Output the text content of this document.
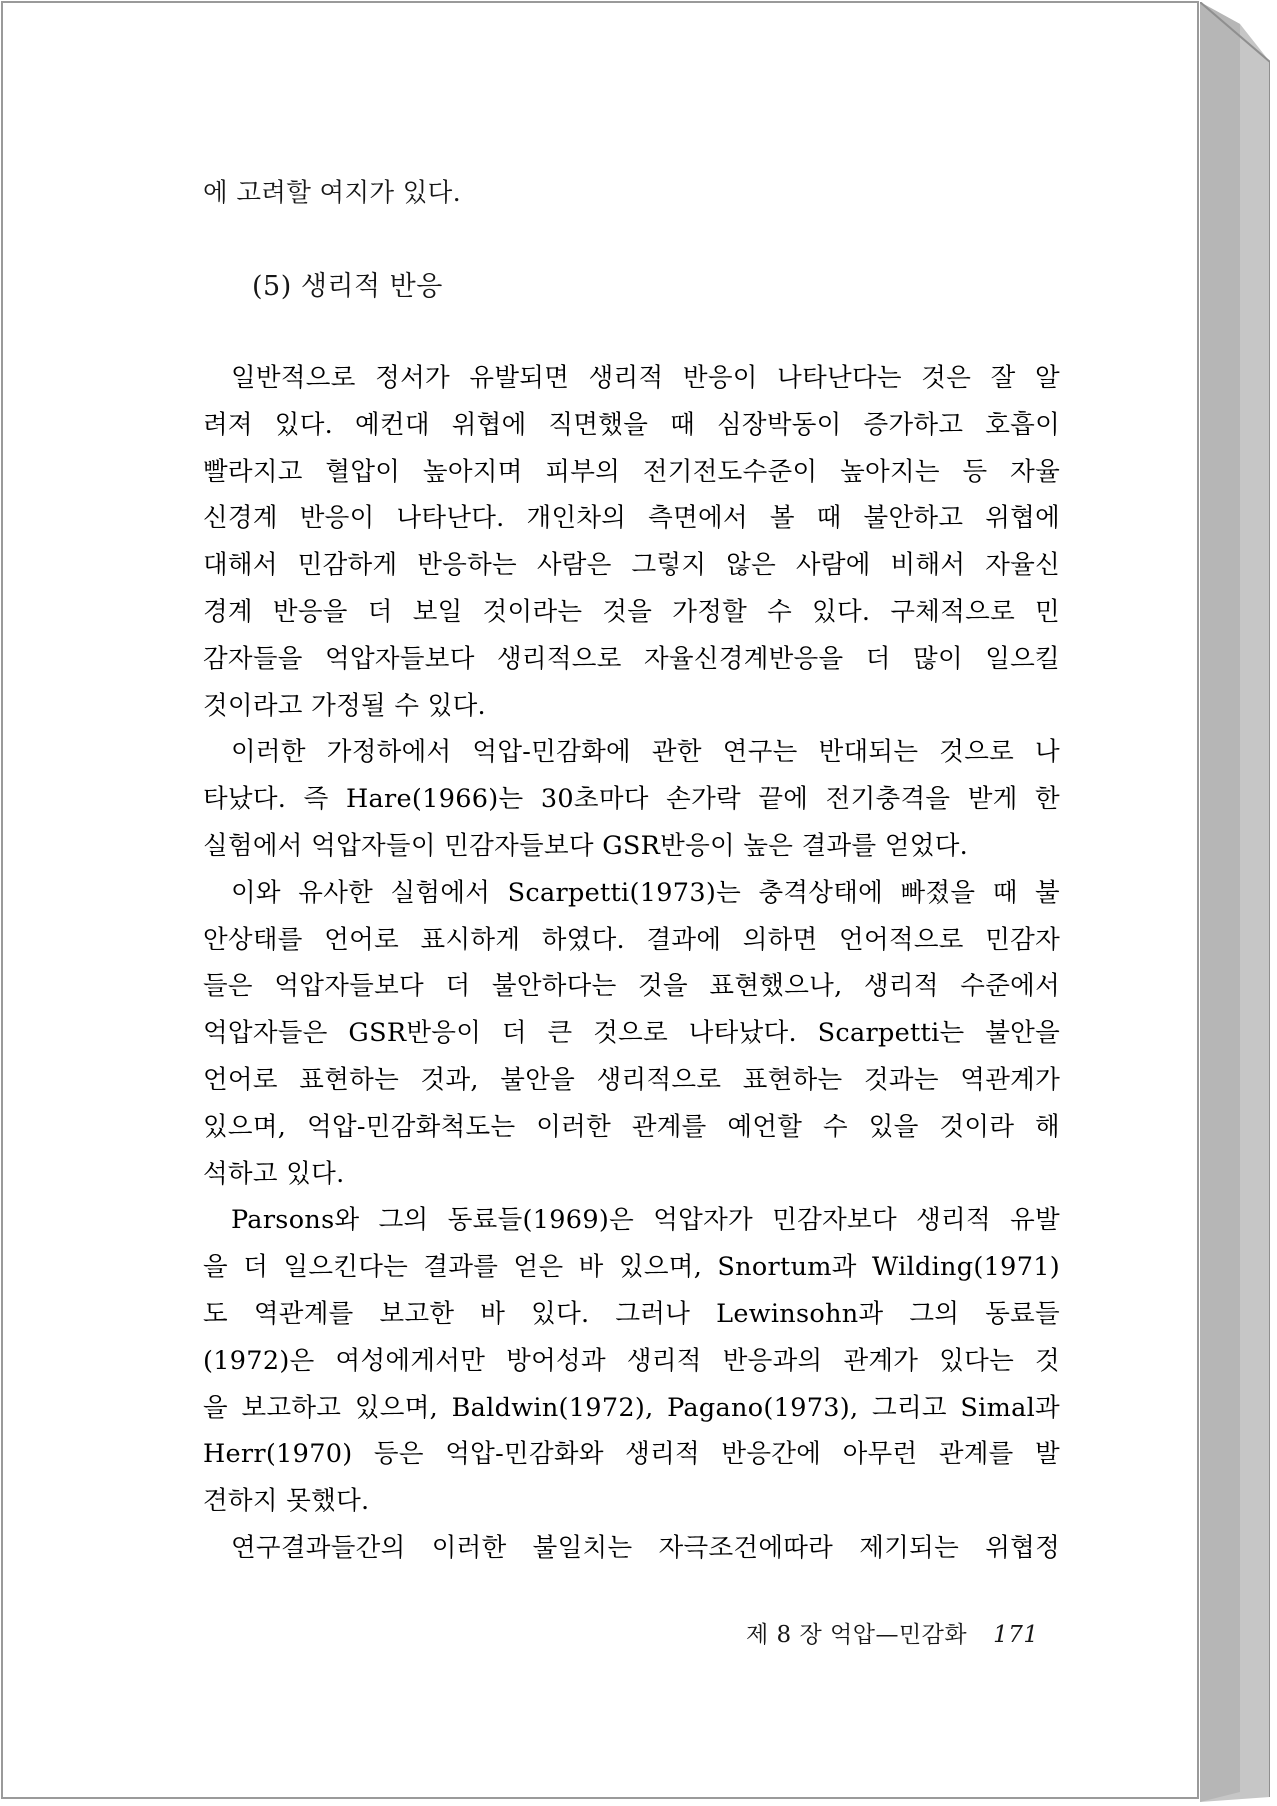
에 고려할 여지가 있다.
(5) 생리적 반응
일반적으로 정서가 유발되면 생리적 반응이 나타난다는 것은 잘 알
려져 있다. 예컨대 위협에 직면했을 때 심장박동이 증가하고 호흡이
빨라지고 혈압이 높아지며 피부의 전기전도수준이 높아지는 등 자율
신경계 반응이 나타난다. 개인차의 측면에서 볼 때 불안하고 위협에
대해서 민감하게 반응하는 사람은 그렇지 않은 사람에 비해서 자율신
경계 반응을 더 보일 것이라는 것을 가정할 수 있다. 구체적으로 민
감자들을 억압자들보다 생리적으로 자율신경계반응을 더 많이 일으킬
것이라고 가정될 수 있다.
이러한 가정하에서 억압-민감화에 관한 연구는 반대되는 것으로 나
타났다. 즉 Hare(1966)는 30초마다 손가락 끝에 전기충격을 받게 한
실험에서 억압자들이 민감자들보다 GSR반응이 높은 결과를 얻었다.
이와 유사한 실험에서 Scarpetti(1973)는 충격상태에 빠졌을 때 불
안상태를 언어로 표시하게 하였다. 결과에 의하면 언어적으로 민감자
들은 억압자들보다 더 불안하다는 것을 표현했으나, 생리적 수준에서
억압자들은 GSR반응이 더 큰 것으로 나타났다. Scarpetti는 불안을
언어로 표현하는 것과, 불안을 생리적으로 표현하는 것과는 역관계가
있으며, 억압-민감화척도는 이러한 관계를 예언할 수 있을 것이라 해
석하고 있다.
Parsons와 그의 동료들(1969)은 억압자가 민감자보다 생리적 유발
을 더 일으킨다는 결과를 얻은 바 있으며, Snortum과 Wilding(1971)
도 역관계를 보고한 바 있다. 그러나 Lewinsohn과 그의 동료들
(1972)은 여성에게서만 방어성과 생리적 반응과의 관계가 있다는 것
을 보고하고 있으며, Baldwin(1972), Pagano(1973), 그리고 Simal과
Herr(1970) 등은 억압-민감화와 생리적 반응간에 아무런 관계를 발
견하지 못했다.
연구결과들간의 이러한 불일치는 자극조건에따라 제기되는 위협정
제 8 장 억압—민감화 171
